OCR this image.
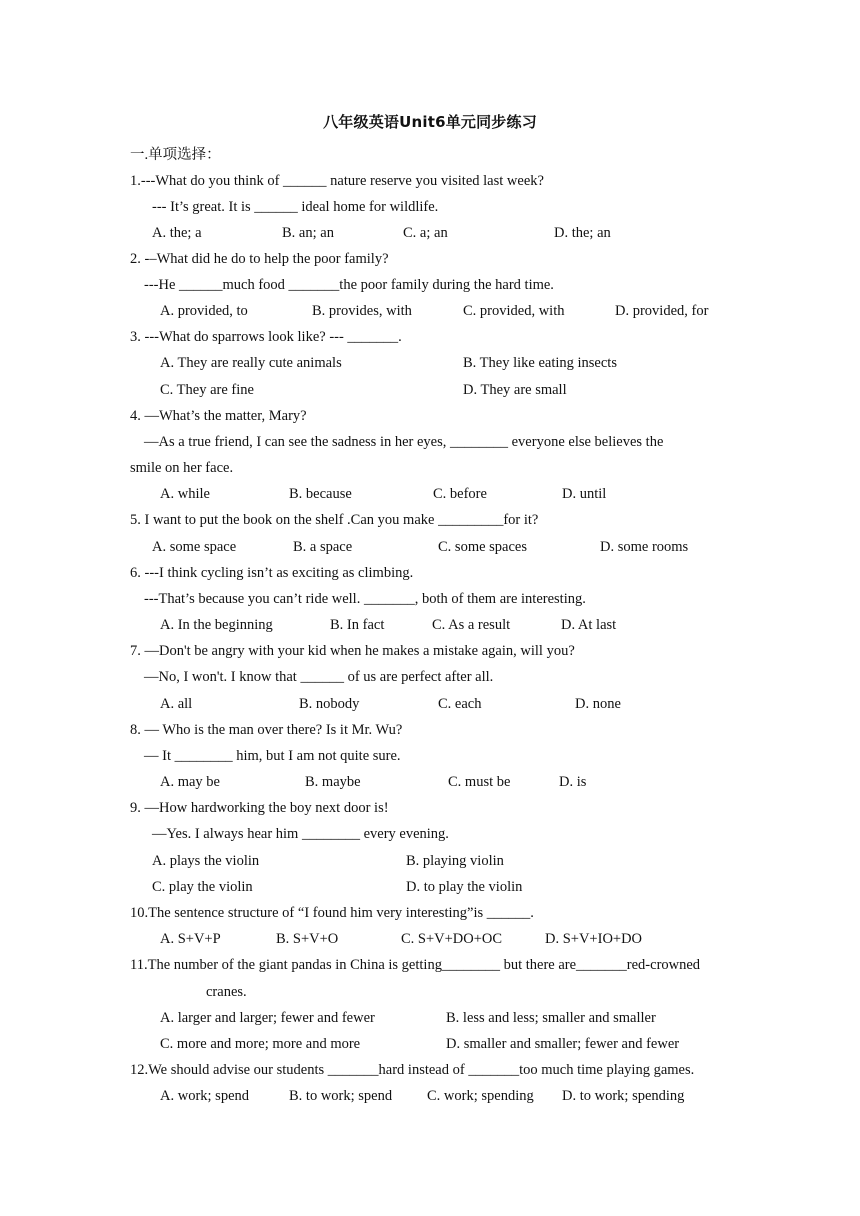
八年级英语Unit6单元同步练习
一.单项选择：
1.---What do you think of ______ nature reserve you visited last week?
--- It’s great. It is ______ ideal home for wildlife.
A. the; a	B. an; an	C. a; an	D. the; an
2. -–What did he do to help the poor family?
---He ______much food _______the poor family during the hard time.
A. provided, to	B. provides, with	C. provided, with	D. provided, for
3. ---What do sparrows look like? --- _______.
A. They are really cute animals	B. They like eating insects
C. They are fine	D. They are small
4. —What’s the matter, Mary?
—As a true friend, I can see the sadness in her eyes, ________ everyone else believes the
smile on her face.
A. while	B. because	C. before	D. until
5. I want to put the book on the shelf .Can you make _________for it?
A. some space	B. a space	C. some spaces	D. some rooms
6. ---I think cycling isn’t as exciting as climbing.
---That’s because you can’t ride well. _______, both of them are interesting.
A. In the beginning	B. In fact	C. As a result	D. At last
7. —Don't be angry with your kid when he makes a mistake again, will you?
—No, I won't. I know that ______ of us are perfect after all.
A. all	B. nobody	C. each	D. none
8. — Who is the man over there? Is it Mr. Wu?
— It ________ him, but I am not quite sure.
A. may be	B. maybe	C. must be	D. is
9. —How hardworking the boy next door is!
—Yes. I always hear him ________ every evening.
A. plays the violin	B. playing violin
C. play the violin	D. to play the violin
10.The sentence structure of “I found him very interesting”is ______.
A. S+V+P	B. S+V+O	C. S+V+DO+OC	D. S+V+IO+DO
11.The number of the giant pandas in China is getting________ but there are_______red-crowned
cranes.
A. larger and larger; fewer and fewer	B. less and less; smaller and smaller
C. more and more; more and more	D. smaller and smaller; fewer and fewer
12.We should advise our students _______hard instead of _______too much time playing games.
A. work; spend	B. to work; spend C. work; spending D. to work; spending
